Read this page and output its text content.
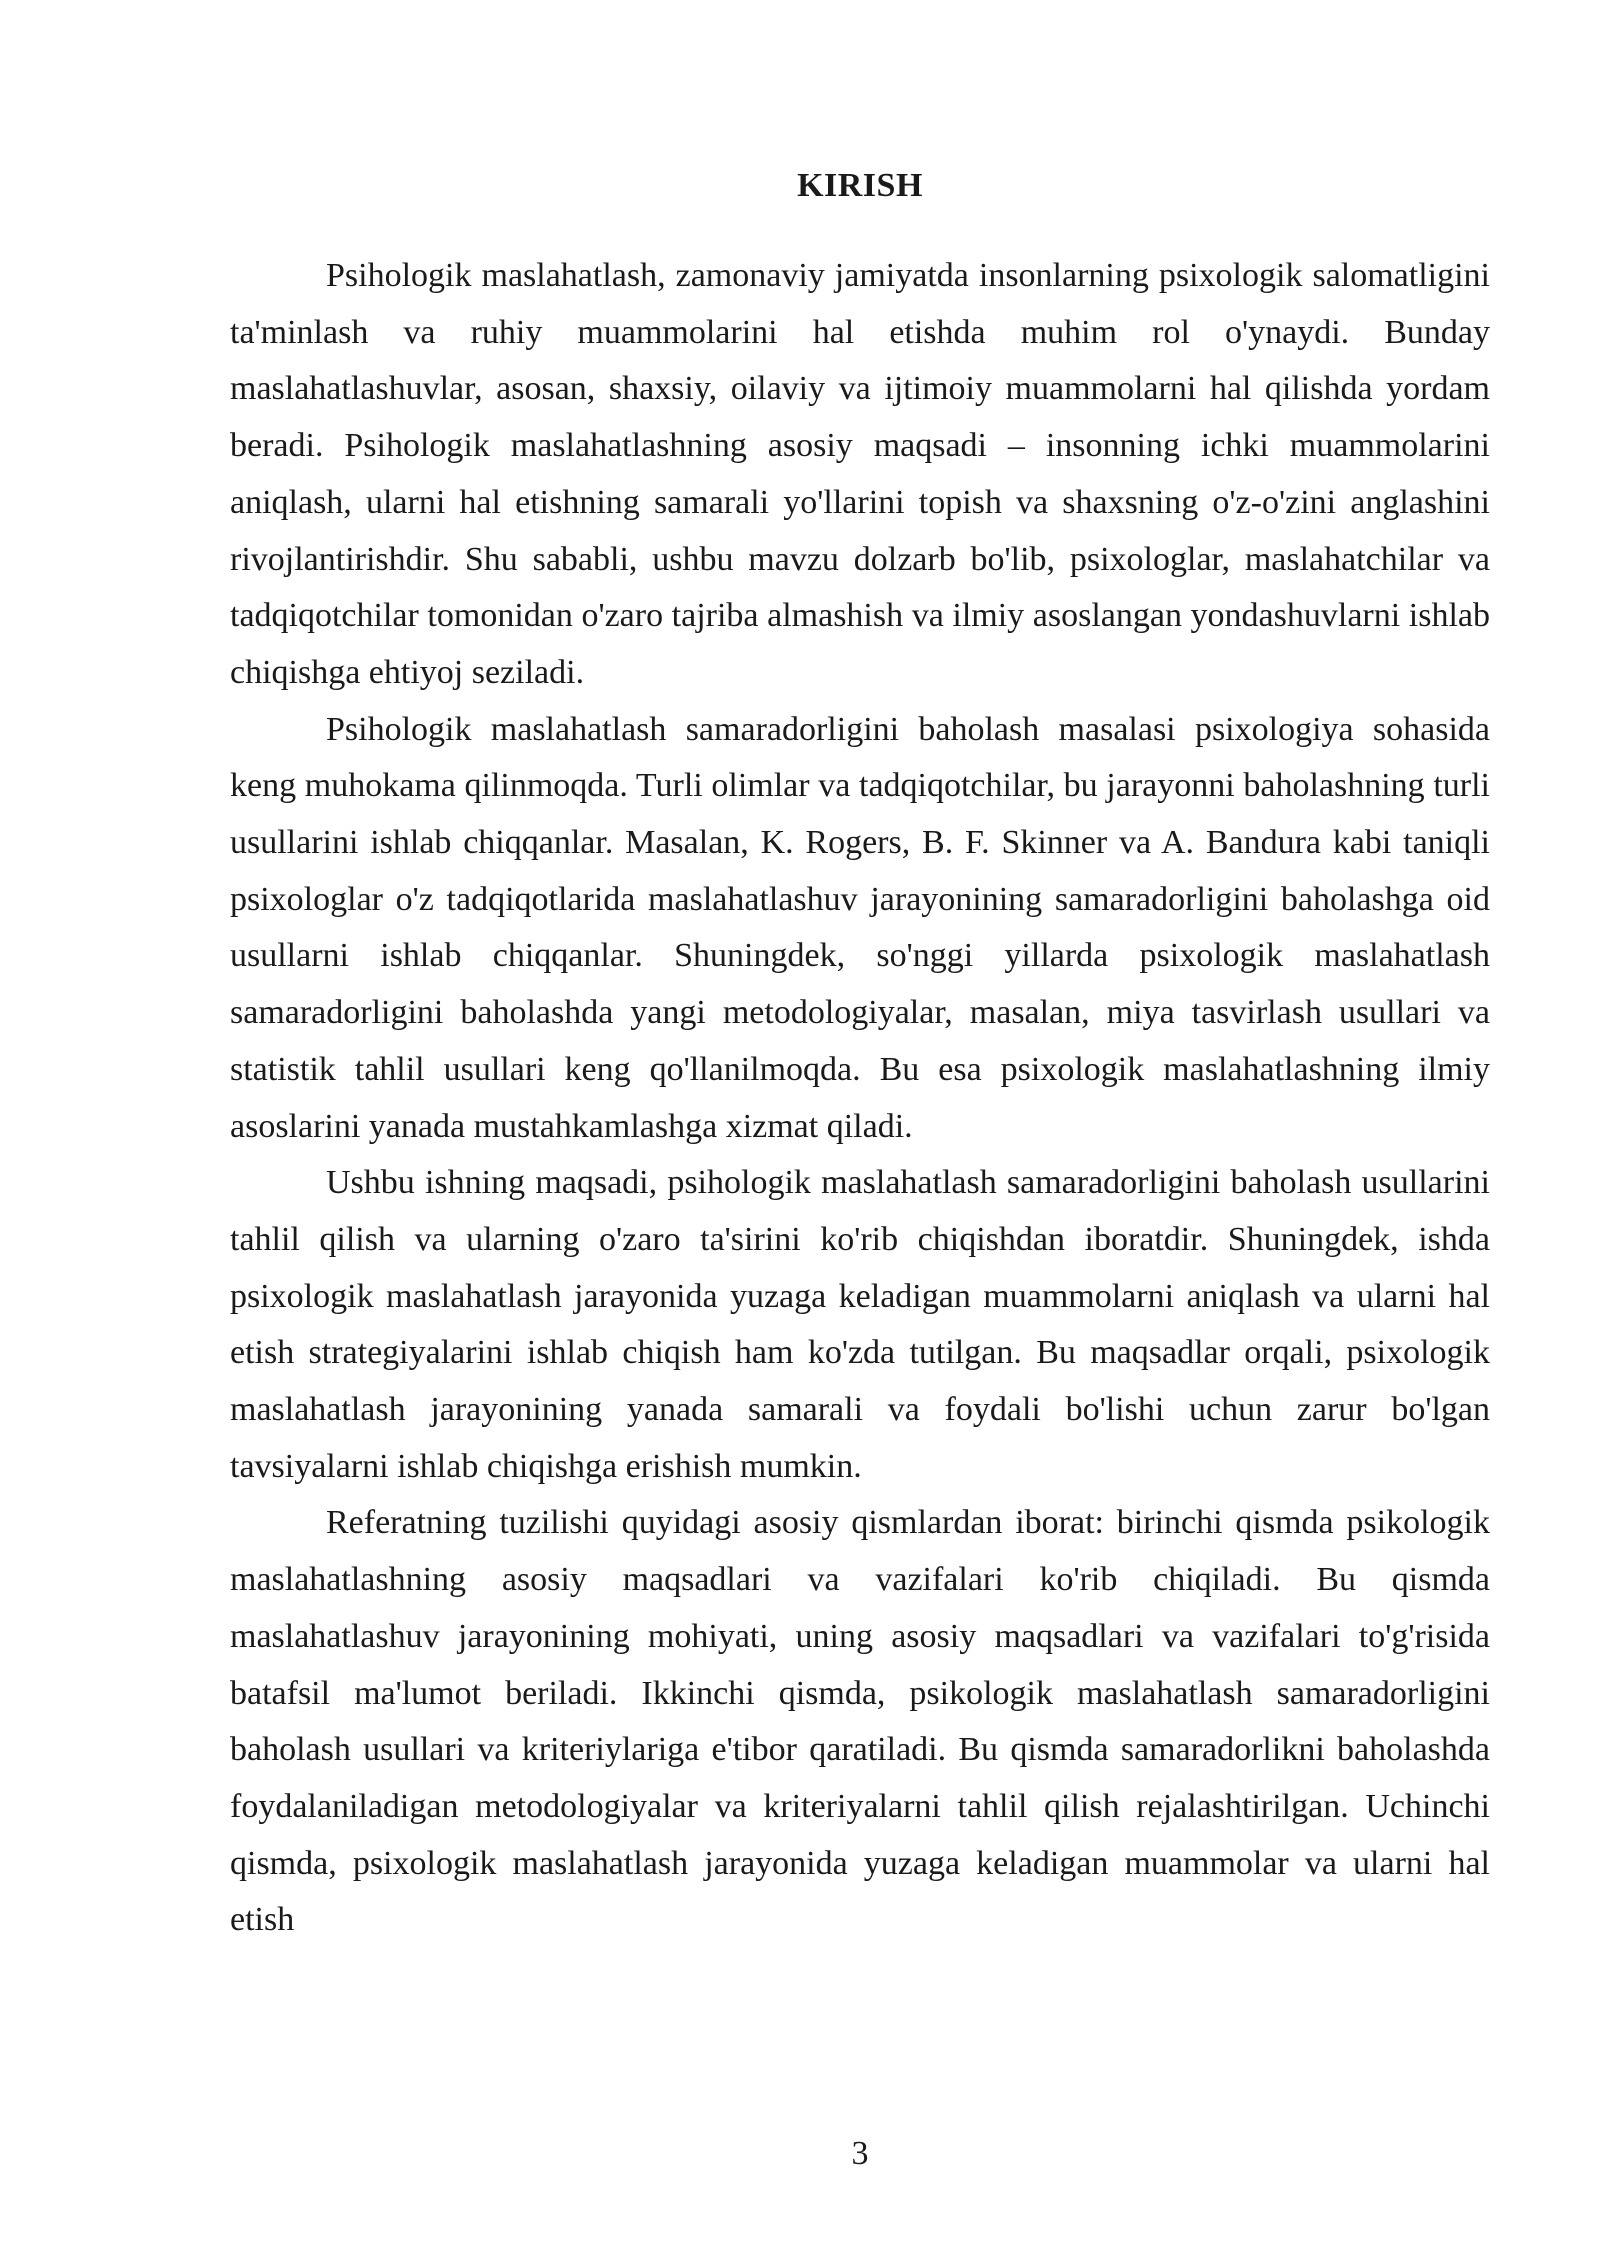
KIRISH

Psihologik maslahatlash, zamonaviy jamiyatda insonlarning psixologik salomatligini ta'minlash va ruhiy muammolarini hal etishda muhim rol o'ynaydi. Bunday maslahatlashuvlar, asosan, shaxsiy, oilaviy va ijtimoiy muammolarni hal qilishda yordam beradi. Psihologik maslahatlashning asosiy maqsadi – insonning ichki muammolarini aniqlash, ularni hal etishning samarali yo'llarini topish va shaxsning o'z-o'zini anglashini rivojlantirishdir. Shu sababli, ushbu mavzu dolzarb bo'lib, psixologlar, maslahatchilar va tadqiqotchilar tomonidan o'zaro tajriba almashish va ilmiy asoslangan yondashuvlarni ishlab chiqishga ehtiyoj seziladi.

Psihologik maslahatlash samaradorligini baholash masalasi psixologiya sohasida keng muhokama qilinmoqda. Turli olimlar va tadqiqotchilar, bu jarayonni baholashning turli usullarini ishlab chiqqanlar. Masalan, K. Rogers, B. F. Skinner va A. Bandura kabi taniqli psixologlar o'z tadqiqotlarida maslahatlashuv jarayonining samaradorligini baholashga oid usullarni ishlab chiqqanlar. Shuningdek, so'nggi yillarda psixologik maslahatlash samaradorligini baholashda yangi metodologiyalar, masalan, miya tasvirlash usullari va statistik tahlil usullari keng qo'llanilmoqda. Bu esa psixologik maslahatlashning ilmiy asoslarini yanada mustahkamlashga xizmat qiladi.

Ushbu ishning maqsadi, psihologik maslahatlash samaradorligini baholash usullarini tahlil qilish va ularning o'zaro ta'sirini ko'rib chiqishdan iboratdir. Shuningdek, ishda psixologik maslahatlash jarayonida yuzaga keladigan muammolarni aniqlash va ularni hal etish strategiyalarini ishlab chiqish ham ko'zda tutilgan. Bu maqsadlar orqali, psixologik maslahatlash jarayonining yanada samarali va foydali bo'lishi uchun zarur bo'lgan tavsiyalarni ishlab chiqishga erishish mumkin.

Referatning tuzilishi quyidagi asosiy qismlardan iborat: birinchi qismda psikologik maslahatlashning asosiy maqsadlari va vazifalari ko'rib chiqiladi. Bu qismda maslahatlashuv jarayonining mohiyati, uning asosiy maqsadlari va vazifalari to'g'risida batafsil ma'lumot beriladi. Ikkinchi qismda, psikologik maslahatlash samaradorligini baholash usullari va kriteriylariga e'tibor qaratiladi. Bu qismda samaradorlikni baholashda foydalaniladigan metodologiyalar va kriteriyalarni tahlil qilish rejalashtirilgan. Uchinchi qismda, psixologik maslahatlash jarayonida yuzaga keladigan muammolar va ularni hal etish

3
